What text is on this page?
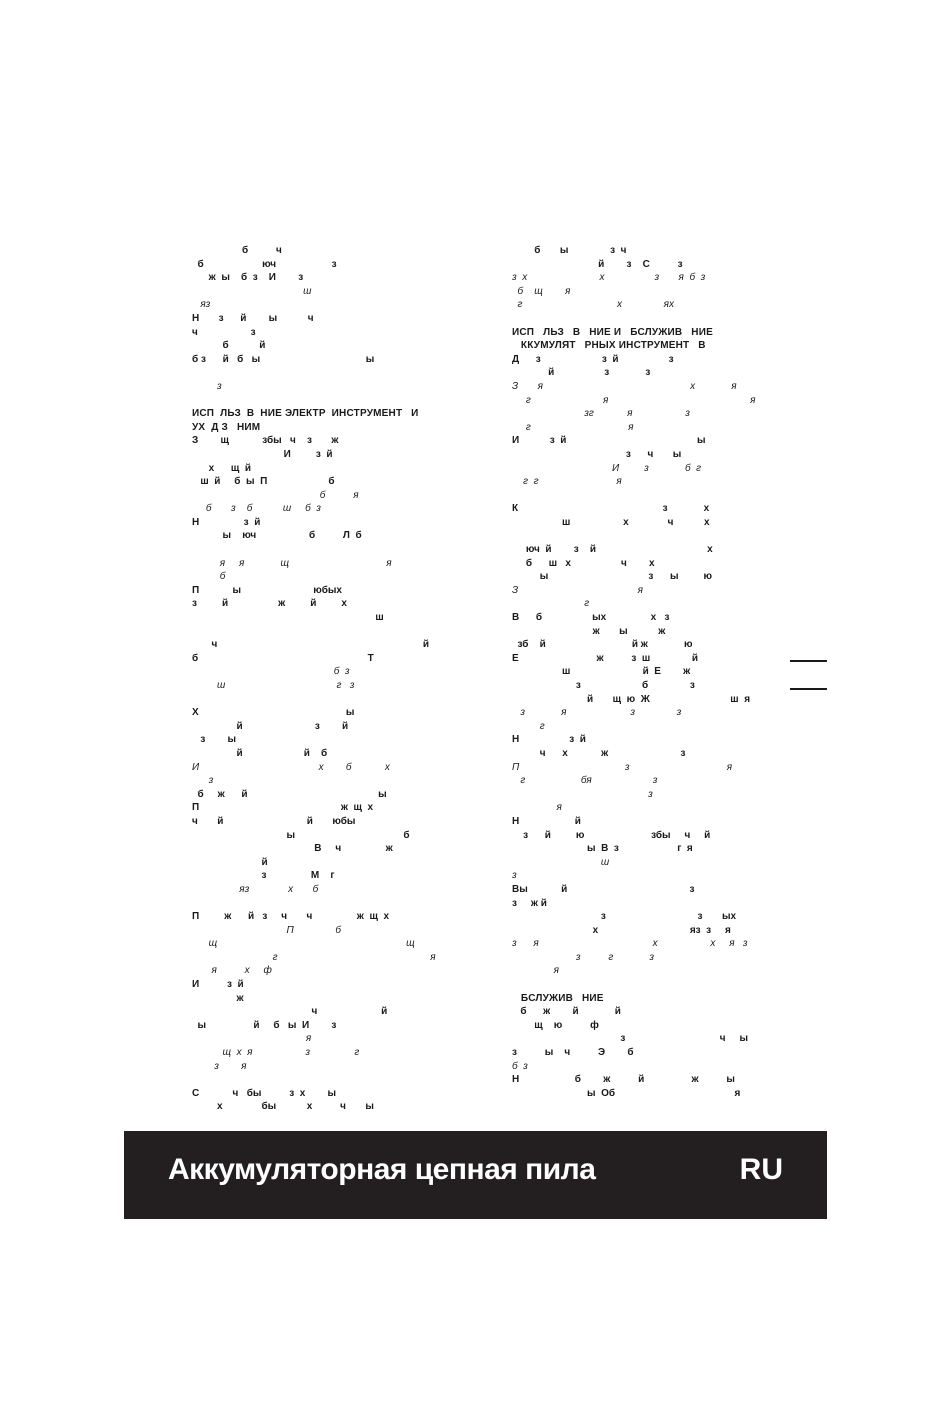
б          ч
б                     юч                    з
ж  ы    б  з    И        з
ш
яз
Н       з      й        ы           ч
ч                   з
б           й
б з      й   б   ы                                      ы
з
ИСП  ЛЬЗ  В  НИЕ ЭЛЕКТР  ИНСТРУМЕНТ   И
УХ  Д З   НИМ
З        щ            збы   ч    з       ж
И         з  й
х      щ  й
ш  й     б  ы  П                      б
б          я
б       з    б           ш     б  з
Н                з  й
ы    юч                   б          Л  б
я     я             щ                                   я
б
П            ы                          юбых
з         й                  ж         й         х
ш
ч                                                                          й
б                                                             Т
б  з
ш                                        г   з
Х                                                     ы
й                          з        й
з        ы
й                      й    б
И                                           х        б            х
з
б     ж      й                                               ы
П                                                   ж  щ  х
ч       й                              й       юбы
ы                                       б
В     ч                ж
й
з                М    г
яз              х       б
П         ж      й   з     ч       ч                ж  щ  х
П               б
щ                                                                    щ
г                                                       я
я          х     ф
И          з  й
ж
ч                       й
ы                 й     б   ы  И        з
я
щ  х  я                   з                г
з        я
С            ч   бы          з  х        ы
х              бы           х          ч       ы
б       ы               з  ч
й        з    С          з
з  х                          х                  з       я  б  з
б    щ        я
г                                  х               ях
ИСП   ЛЬЗ   В   НИЕ И   БСЛУЖИВ   НИЕ
ККУМУЛЯТ   РНЫХ ИНСТРУМЕНТ   В
Д      з                      з  й                  з
й                  з             з
З       я                                                     х             я
г                          я                                                   я
зг            я                   з
г                                   я
И           з  й                                               ы
з      ч       ы
И         з             б  г
г  г                            я
К                                                    з             х
ш                   х              ч           х
юч  й        з    й                                        х
б      ш   х                  ч        х
ы                                    з      ы         ю
З                                           я
г
В      б                  ых                х   з
ж       ы           ж
зб    й                               й ж             ю
Е                            ж          з  ш               й
ш                          й  Е        ж
з                      б               з
й       щ  ю  Ж                             ш  я
з             я                       з               з
г
Н                  з  й
ч      х            ж                          з
П                                      з                                   я
г                    бя                      з
з
я
Н                    й
з      й         ю                        збы     ч     й
ы  В  з                     г  я
ш
з
Вы            й                                            з
з     ж й
з                                 з       ых
х                                 яз  з     я
з      я                                         х                   х     я   з
з          г             з
я
БСЛУЖИВ   НИЕ
б      ж        й             й
щ    ю          ф
з                                  ч     ы
з          ы    ч          Э        б
б  з
Н                    б        ж          й                 ж          ы
ы  Об                                           я
Аккумуляторная цепная пила	RU
